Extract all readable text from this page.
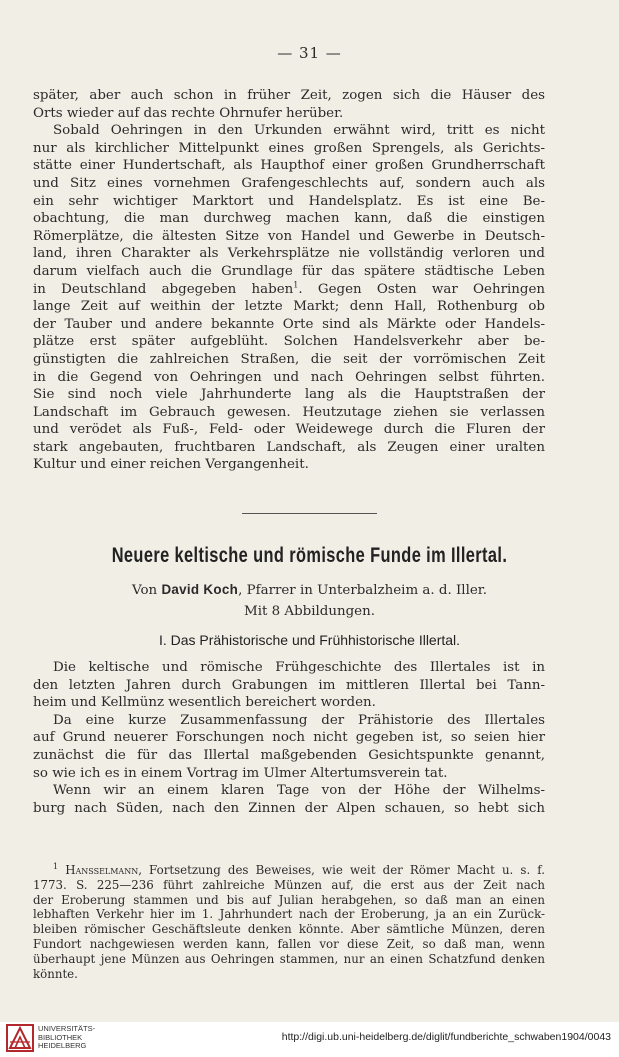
— 31 —
später, aber auch schon in früher Zeit, zogen sich die Häuser des
Orts wieder auf das rechte Ohrnufer herüber.
Sobald Oehringen in den Urkunden erwähnt wird, tritt es nicht
nur als kirchlicher Mittelpunkt eines großen Sprengels, als Gerichts-
stätte einer Hundertschaft, als Haupthof einer großen Grundherrschaft
und Sitz eines vornehmen Grafengeschlechts auf, sondern auch als
ein sehr wichtiger Marktort und Handelsplatz. Es ist eine Be-
obachtung, die man durchweg machen kann, daß die einstigen
Römerplätze, die ältesten Sitze von Handel und Gewerbe in Deutsch-
land, ihren Charakter als Verkehrsplätze nie vollständig verloren und
darum vielfach auch die Grundlage für das spätere städtische Leben
in Deutschland abgegeben haben$^1$. Gegen Osten war Oehringen
lange Zeit auf weithin der letzte Markt; denn Hall, Rothenburg ob
der Tauber und andere bekannte Orte sind als Märkte oder Handels-
plätze erst später aufgeblüht. Solchen Handelsverkehr aber be-
günstigten die zahlreichen Straßen, die seit der vorrömischen Zeit
in die Gegend von Oehringen und nach Oehringen selbst führten.
Sie sind noch viele Jahrhunderte lang als die Hauptstraßen der
Landschaft im Gebrauch gewesen. Heutzutage ziehen sie verlassen
und verödet als Fuß-, Feld- oder Weidewege durch die Fluren der
stark angebauten, fruchtbaren Landschaft, als Zeugen einer uralten
Kultur und einer reichen Vergangenheit.
Neuere keltische und römische Funde im Illertal.
Von David Koch, Pfarrer in Unterbalzheim a. d. Iller.
Mit 8 Abbildungen.
I. Das Prähistorische und Frühhistorische Illertal.
Die keltische und römische Frühgeschichte des Illertales ist in
den letzten Jahren durch Grabungen im mittleren Illertal bei Tann-
heim und Kellmünz wesentlich bereichert worden.
Da eine kurze Zusammenfassung der Prähistorie des Illertales
auf Grund neuerer Forschungen noch nicht gegeben ist, so seien hier
zunächst die für das Illertal maßgebenden Gesichtspunkte genannt,
so wie ich es in einem Vortrag im Ulmer Altertumsverein tat.
Wenn wir an einem klaren Tage von der Höhe der Wilhelms-
burg nach Süden, nach den Zinnen der Alpen schauen, so hebt sich
$^1$ Hanßelmann, Fortsetzung des Beweises, wie weit der Römer Macht u. s. f.
1773. S. 225—236 führt zahlreiche Münzen auf, die erst aus der Zeit nach
der Eroberung stammen und bis auf Julian herabgehen, so daß man an einen
lebhaften Verkehr hier im 1. Jahrhundert nach der Eroberung, ja an ein Zurück-
bleiben römischer Geschäftsleute denken könnte. Aber sämtliche Münzen, deren
Fundort nachgewiesen werden kann, fallen vor diese Zeit, so daß man, wenn
überhaupt jene Münzen aus Oehringen stammen, nur an einen Schatzfund denken
könnte.
UNIVERSITÄTS-
BIBLIOTHEK
HEIDELBERG
http://digi.ub.uni-heidelberg.de/diglit/fundberichte_schwaben1904/0043
